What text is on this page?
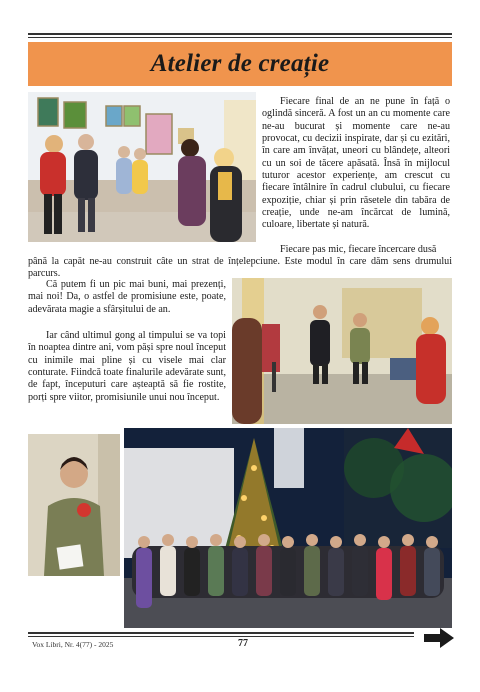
Atelier de creație

Fiecare final de an ne pune în față o oglindă sinceră. A fost un an cu momente care ne-au bucurat și momente care ne-au provocat, cu decizii inspirate, dar și cu ezitări, în care am învățat, uneori cu blândețe, alteori cu un soi de tăcere apăsată. Însă în mijlocul tuturor acestor experiențe, am crescut cu fiecare întâlnire în cadrul clubului, cu fiecare expoziție, chiar și prin răsetele din tabăra de creație, unde ne-am încărcat de lumină, culoare, libertate și natură.

Fiecare pas mic, fiecare încercare dusă

până la capăt ne-au construit câte un strat de înțelepciune. Este modul în care dăm sens drumului parcurs.

Că putem fi un pic mai buni, mai prezenți, mai noi! Da, o astfel de promisiune este, poate, adevărata magie a sfârșitului de an.

Iar când ultimul gong al timpului se va topi în noaptea dintre ani, vom păși spre noul început cu inimile mai pline și cu visele mai clar conturate. Fiindcă toate finalurile adevărate sunt, de fapt, începuturi care așteaptă să fie rostite, porți spre viitor, promisiunile unui nou început.

Vox Libri, Nr. 4(77) - 2025	77
